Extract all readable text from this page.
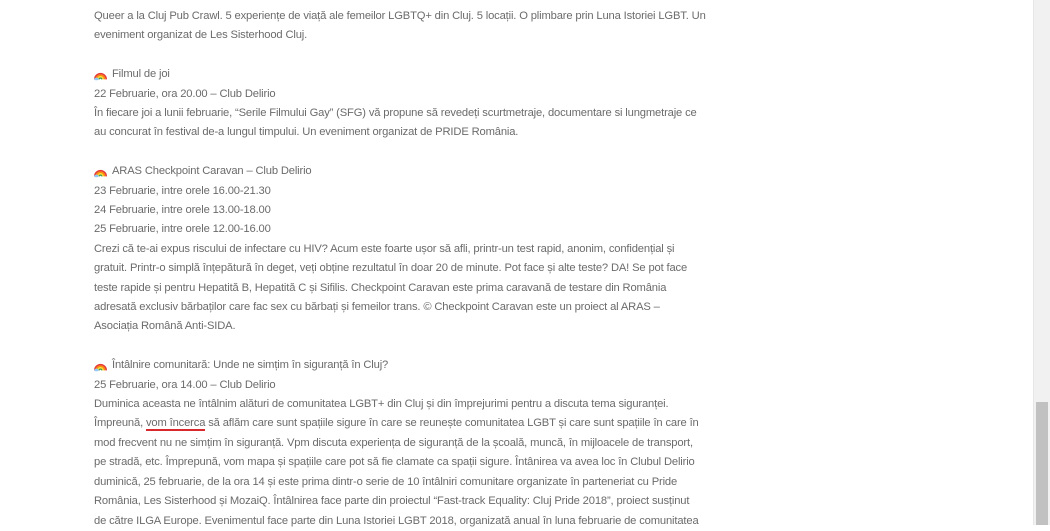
Queer a la Cluj Pub Crawl. 5 experiențe de viață ale femeilor LGBTQ+ din Cluj. 5 locații. O plimbare prin Luna Istoriei LGBT. Un

eveniment organizat de Les Sisterhood Cluj.

Filmul de joi

22 Februarie, ora 20.00 – Club Delirio

În fiecare joi a lunii februarie, “Serile Filmului Gay” (SFG) vă propune să revedeți scurtmetraje, documentare si lungmetraje ce

au concurat în festival de-a lungul timpului. Un eveniment organizat de PRIDE România.

ARAS Checkpoint Caravan – Club Delirio

23 Februarie, intre orele 16.00-21.30

24 Februarie, intre orele 13.00-18.00

25 Februarie, intre orele 12.00-16.00

Crezi că te-ai expus riscului de infectare cu HIV? Acum este foarte ușor să afli, printr-un test rapid, anonim, confidențial și

gratuit. Printr-o simplă înțepătură în deget, veți obține rezultatul în doar 20 de minute. Pot face și alte teste? DA! Se pot face

teste rapide și pentru Hepatită B, Hepatită C și Sifilis. Checkpoint Caravan este prima caravană de testare din România

adresată exclusiv bărbaților care fac sex cu bărbați și femeilor trans. © Checkpoint Caravan este un proiect al ARAS –

Asociația Română Anti-SIDA.

Întâlnire comunitară: Unde ne simțim în siguranță în Cluj?

25 Februarie, ora 14.00 – Club Delirio

Duminica aceasta ne întâlnim alături de comunitatea LGBT+ din Cluj și din împrejurimi pentru a discuta tema siguranței.

Împreună, vom încerca să aflăm care sunt spațiile sigure în care se reunește comunitatea LGBT și care sunt spațiile în care în

mod frecvent nu ne simțim în siguranță. Vpm discuta experiența de siguranță de la școală, muncă, în mijloacele de transport,

pe stradă, etc. Împrepună, vom mapa și spațiile care pot să fie clamate ca spații sigure. Întânirea va avea loc în Clubul Delirio

duminică, 25 februarie, de la ora 14 și este prima dintr-o serie de 10 întâlniri comunitare organizate în parteneriat cu Pride

România, Les Sisterhood și MozaiQ. Întâlnirea face parte din proiectul “Fast-track Equality: Cluj Pride 2018”, proiect susținut

de către ILGA Europe. Evenimentul face parte din Luna Istoriei LGBT 2018, organizată anual în luna februarie de comunitatea
